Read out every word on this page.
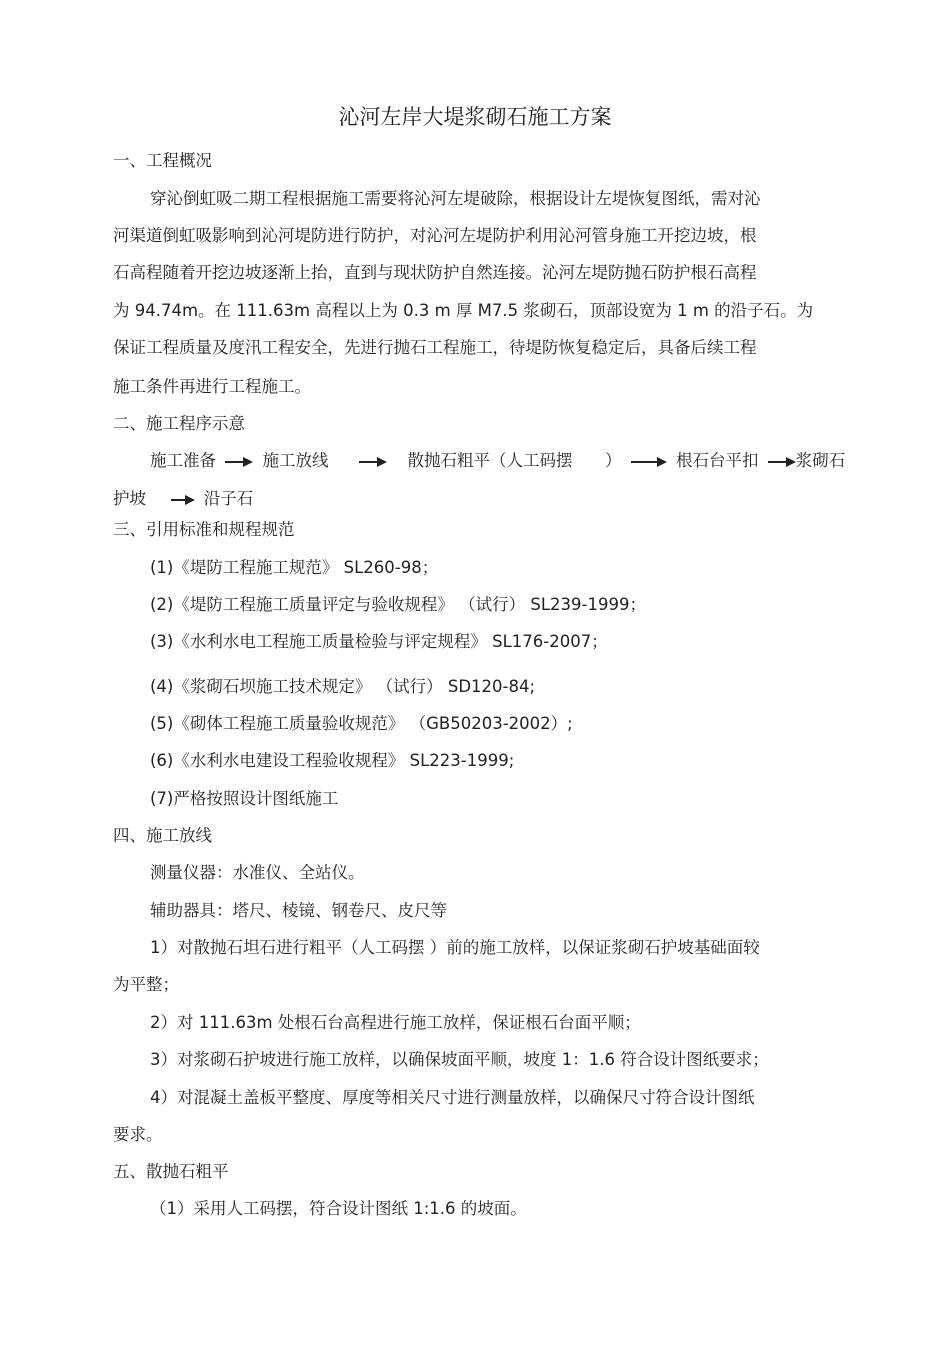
沁河左岸大堤浆砌石施工方案
一、工程概况
穿沁倒虹吸二期工程根据施工需要将沁河左堤破除，根据设计左堤恢复图纸，需对沁
河渠道倒虹吸影响到沁河堤防进行防护，对沁河左堤防护利用沁河管身施工开挖边坡，根
石高程随着开挖边坡逐渐上抬，直到与现状防护自然连接。沁河左堤防抛石防护根石高程
为 94.74m。在 111.63m 高程以上为 0.3 m 厚 M7.5 浆砌石，顶部设宽为 1 m 的沿子石。为
保证工程质量及度汛工程安全，先进行抛石工程施工，待堤防恢复稳定后，具备后续工程
施工条件再进行工程施工。
二、施工程序示意
施工准备	施工放线	散抛石粗平（人工码摆 ）	根石台平扣 浆砌石
护坡	沿子石
三、引用标准和规程规范
(1)《堤防工程施工规范》 SL260-98；
(2)《堤防工程施工质量评定与验收规程》 （试行） SL239-1999；
(3)《水利水电工程施工质量检验与评定规程》 SL176-2007；
(4)《浆砌石坝施工技术规定》 （试行） SD120-84;
(5)《砌体工程施工质量验收规范》 （GB50203-2002）;
(6)《水利水电建设工程验收规程》 SL223-1999;
(7)严格按照设计图纸施工
四、施工放线
测量仪器：水准仪、全站仪。
辅助器具：塔尺、棱镜、钢卷尺、皮尺等
1）对散抛石坦石进行粗平（人工码摆 ）前的施工放样，以保证浆砌石护坡基础面较
为平整；
2）对 111.63m 处根石台高程进行施工放样，保证根石台面平顺；
3）对浆砌石护坡进行施工放样，以确保坡面平顺，坡度 1：1.6 符合设计图纸要求；
4）对混凝土盖板平整度、厚度等相关尺寸进行测量放样，以确保尺寸符合设计图纸
要求。
五、散抛石粗平
（1）采用人工码摆，符合设计图纸 1:1.6 的坡面。
